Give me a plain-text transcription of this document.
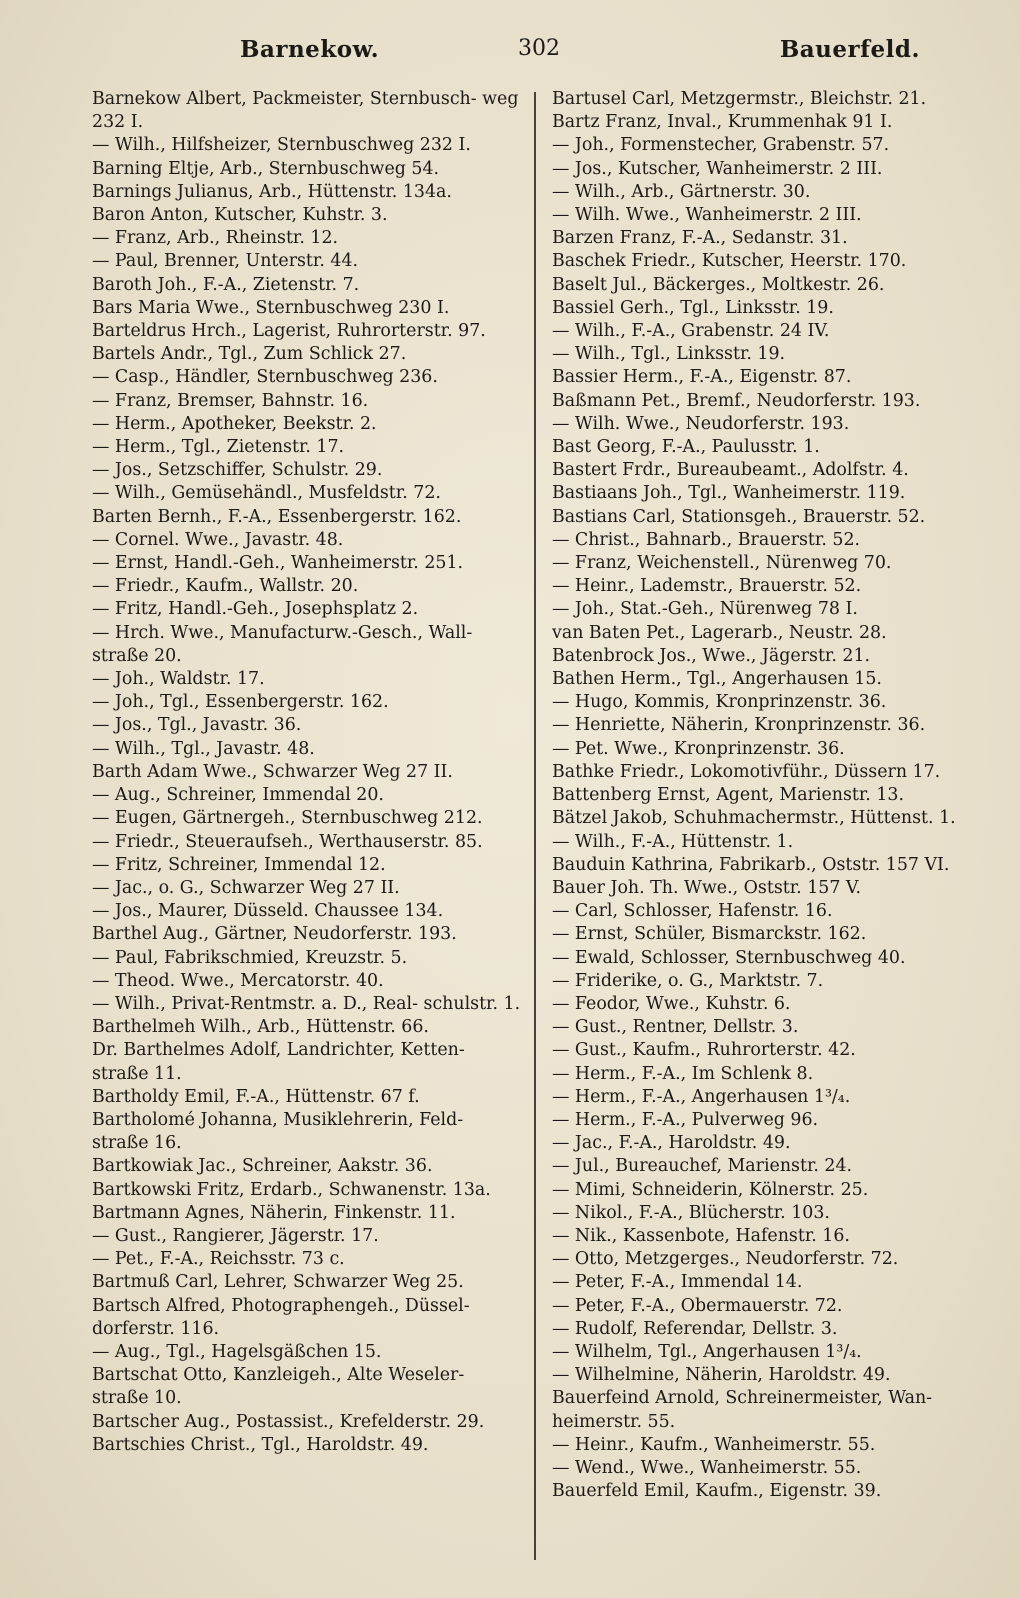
Barnekow.	302	Bauerfeld.
Barnekow Albert, Packmeister, Sternbusch- weg 232 I.
— Wilh., Hilfsheizer, Sternbuschweg 232 I.
Barning Eltje, Arb., Sternbuschweg 54.
Barnings Julianus, Arb., Hüttenstr. 134a.
Baron Anton, Kutscher, Kuhstr. 3.
— Franz, Arb., Rheinstr. 12.
— Paul, Brenner, Unterstr. 44.
Baroth Joh., F.-A., Zietenstr. 7.
Bars Maria Wwe., Sternbuschweg 230 I.
Barteldrus Hrch., Lagerist, Ruhrorterstr. 97.
Bartels Andr., Tgl., Zum Schlick 27.
— Casp., Händler, Sternbuschweg 236.
— Franz, Bremser, Bahnstr. 16.
— Herm., Apotheker, Beekstr. 2.
— Herm., Tgl., Zietenstr. 17.
— Jos., Setzschiffer, Schulstr. 29.
— Wilh., Gemüsehändl., Musfeldstr. 72.
Barten Bernh., F.-A., Essenbergerstr. 162.
— Cornel. Wwe., Javastr. 48.
— Ernst, Handl.-Geh., Wanheimerstr. 251.
— Friedr., Kaufm., Wallstr. 20.
— Fritz, Handl.-Geh., Josephsplatz 2.
— Hrch. Wwe., Manufacturw.-Gesch., Wall- straße 20.
— Joh., Waldstr. 17.
— Joh., Tgl., Essenbergerstr. 162.
— Jos., Tgl., Javastr. 36.
— Wilh., Tgl., Javastr. 48.
Barth Adam Wwe., Schwarzer Weg 27 II.
— Aug., Schreiner, Immendal 20.
— Eugen, Gärtnergeh., Sternbuschweg 212.
— Friedr., Steueraufseh., Werthauserstr. 85.
— Fritz, Schreiner, Immendal 12.
— Jac., o. G., Schwarzer Weg 27 II.
— Jos., Maurer, Düsseld. Chaussee 134.
Barthel Aug., Gärtner, Neudorferstr. 193.
— Paul, Fabrikschmied, Kreuzstr. 5.
— Theod. Wwe., Mercatorstr. 40.
— Wilh., Privat-Rentmstr. a. D., Real- schulstr. 1.
Barthelmeh Wilh., Arb., Hüttenstr. 66.
Dr. Barthelmes Adolf, Landrichter, Ketten- straße 11.
Bartholdy Emil, F.-A., Hüttenstr. 67 f.
Bartholomé Johanna, Musiklehrerin, Feld- straße 16.
Bartkowiak Jac., Schreiner, Aakstr. 36.
Bartkowski Fritz, Erdarb., Schwanenstr. 13a.
Bartmann Agnes, Näherin, Finkenstr. 11.
— Gust., Rangierer, Jägerstr. 17.
— Pet., F.-A., Reichsstr. 73 c.
Bartmuß Carl, Lehrer, Schwarzer Weg 25.
Bartsch Alfred, Photographengeh., Düssel- dorferstr. 116.
— Aug., Tgl., Hagelsgäßchen 15.
Bartschat Otto, Kanzleigeh., Alte Weseler- straße 10.
Bartscher Aug., Postassist., Krefelderstr. 29.
Bartschies Christ., Tgl., Haroldstr. 49.
Bartusel Carl, Metzgermstr., Bleichstr. 21.
Bartz Franz, Inval., Krummenhak 91 I.
— Joh., Formenstecher, Grabenstr. 57.
— Jos., Kutscher, Wanheimerstr. 2 III.
— Wilh., Arb., Gärtnerstr. 30.
— Wilh. Wwe., Wanheimerstr. 2 III.
Barzen Franz, F.-A., Sedanstr. 31.
Baschek Friedr., Kutscher, Heerstr. 170.
Baselt Jul., Bäckerges., Moltkestr. 26.
Bassiel Gerh., Tgl., Linksstr. 19.
— Wilh., F.-A., Grabenstr. 24 IV.
— Wilh., Tgl., Linksstr. 19.
Bassier Herm., F.-A., Eigenstr. 87.
Baßmann Pet., Bremf., Neudorferstr. 193.
— Wilh. Wwe., Neudorferstr. 193.
Bast Georg, F.-A., Paulusstr. 1.
Bastert Frdr., Bureaubeamt., Adolfstr. 4.
Bastiaans Joh., Tgl., Wanheimerstr. 119.
Bastians Carl, Stationsgeh., Brauerstr. 52.
— Christ., Bahnarb., Brauerstr. 52.
— Franz, Weichenstell., Nürenweg 70.
— Heinr., Lademstr., Brauerstr. 52.
— Joh., Stat.-Geh., Nürenweg 78 I.
van Baten Pet., Lagerarb., Neustr. 28.
Batenbrock Jos., Wwe., Jägerstr. 21.
Bathen Herm., Tgl., Angerhausen 15.
— Hugo, Kommis, Kronprinzenstr. 36.
— Henriette, Näherin, Kronprinzenstr. 36.
— Pet. Wwe., Kronprinzenstr. 36.
Bathke Friedr., Lokomotivführ., Düssern 17.
Battenberg Ernst, Agent, Marienstr. 13.
Bätzel Jakob, Schuhmachermstr., Hüttenst. 1.
— Wilh., F.-A., Hüttenstr. 1.
Bauduin Kathrina, Fabrikarb., Oststr. 157 VI.
Bauer Joh. Th. Wwe., Oststr. 157 V.
— Carl, Schlosser, Hafenstr. 16.
— Ernst, Schüler, Bismarckstr. 162.
— Ewald, Schlosser, Sternbuschweg 40.
— Friderike, o. G., Marktstr. 7.
— Feodor, Wwe., Kuhstr. 6.
— Gust., Rentner, Dellstr. 3.
— Gust., Kaufm., Ruhrorterstr. 42.
— Herm., F.-A., Im Schlenk 8.
— Herm., F.-A., Angerhausen 1³/₄.
— Herm., F.-A., Pulverweg 96.
— Jac., F.-A., Haroldstr. 49.
— Jul., Bureauchef, Marienstr. 24.
— Mimi, Schneiderin, Kölnerstr. 25.
— Nikol., F.-A., Blücherstr. 103.
— Nik., Kassenbote, Hafenstr. 16.
— Otto, Metzgerges., Neudorferstr. 72.
— Peter, F.-A., Immendal 14.
— Peter, F.-A., Obermauerstr. 72.
— Rudolf, Referendar, Dellstr. 3.
— Wilhelm, Tgl., Angerhausen 1³/₄.
— Wilhelmine, Näherin, Haroldstr. 49.
Bauerfeind Arnold, Schreinermeister, Wan- heimerstr. 55.
— Heinr., Kaufm., Wanheimerstr. 55.
— Wend., Wwe., Wanheimerstr. 55.
Bauerfeld Emil, Kaufm., Eigenstr. 39.
